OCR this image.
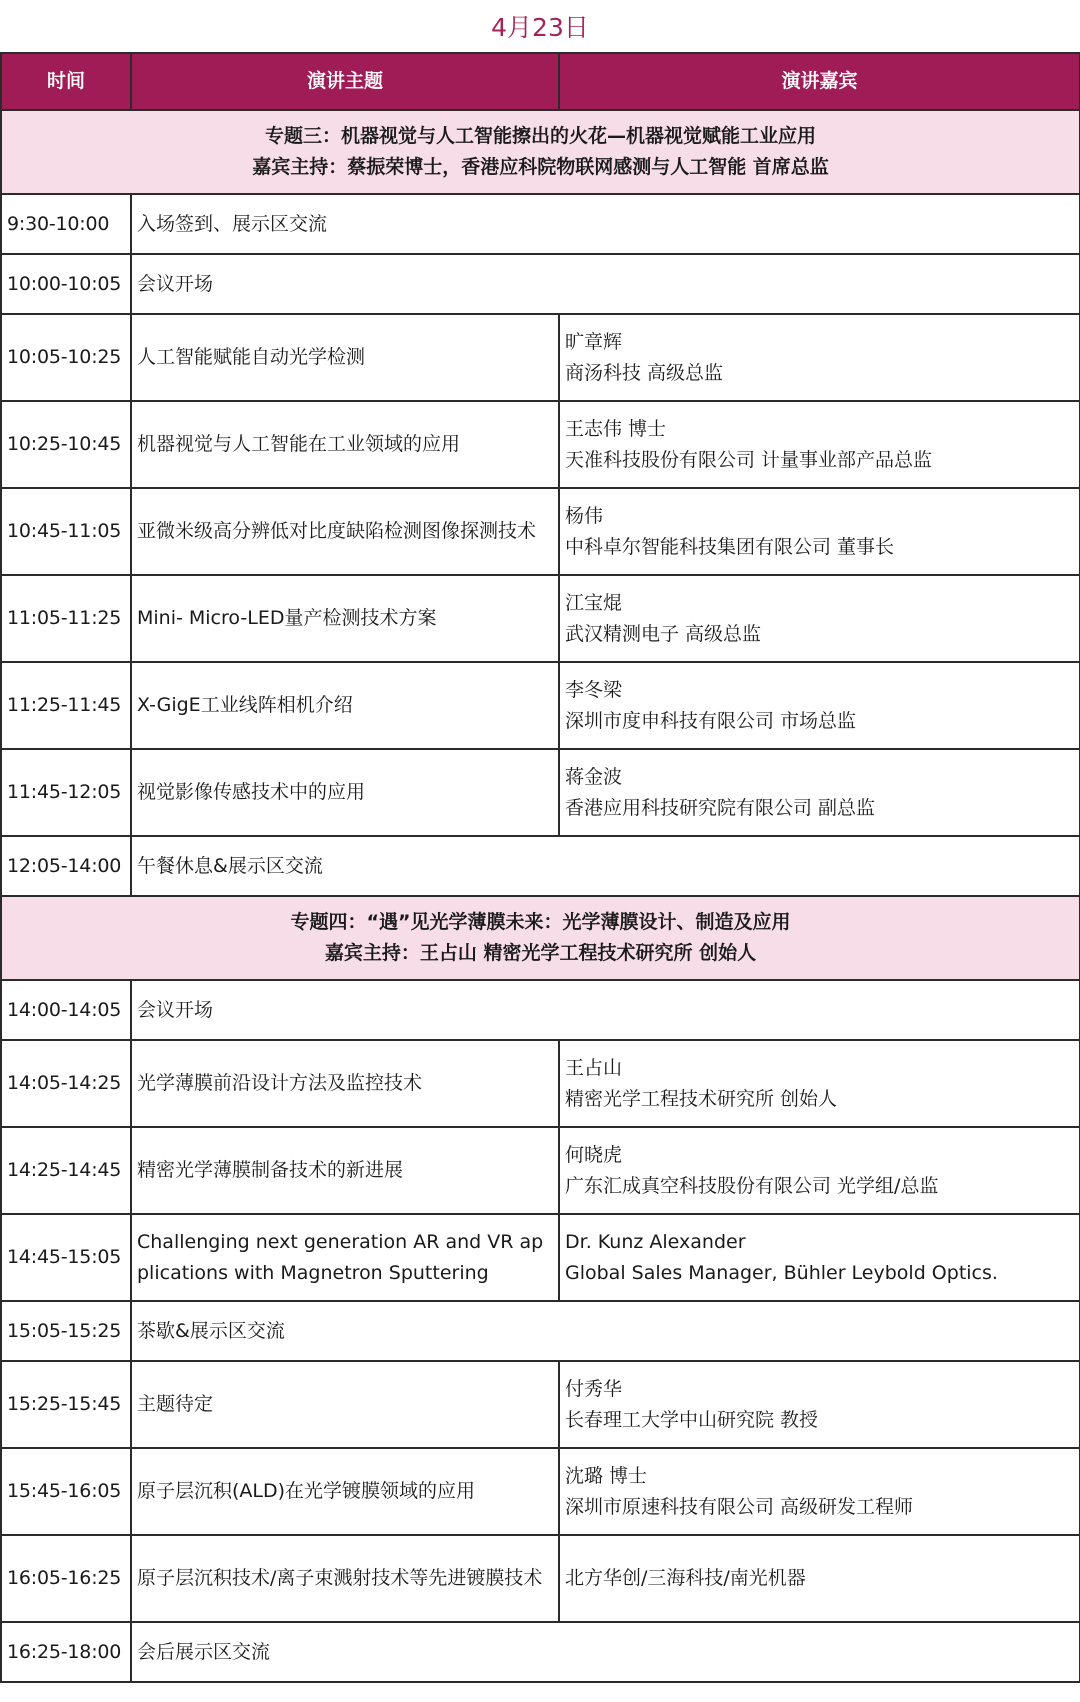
4月23日
时间	演讲主题	演讲嘉宾

专题三：机器视觉与人工智能擦出的火花—机器视觉赋能工业应用
嘉宾主持：蔡振荣博士，香港应科院物联网感测与人工智能 首席总监		

9:30-10:00	入场签到、展示区交流	
10:00-10:05	会议开场	
10:05-10:25	人工智能赋能自动光学检测	旷章辉
商汤科技 高级总监

10:25-10:45	机器视觉与人工智能在工业领域的应用	王志伟 博士
天准科技股份有限公司 计量事业部产品总监

10:45-11:05	亚微米级高分辨低对比度缺陷检测图像探测技术	杨伟
中科卓尔智能科技集团有限公司 董事长

11:05-11:25	Mini- Micro-LED量产检测技术方案	江宝焜
武汉精测电子 高级总监

11:25-11:45	X-GigE工业线阵相机介绍	李冬梁
深圳市度申科技有限公司 市场总监

11:45-12:05	视觉影像传感技术中的应用	蒋金波
香港应用科技研究院有限公司 副总监

12:05-14:00	午餐休息&展示区交流	

专题四：“遇”见光学薄膜未来：光学薄膜设计、制造及应用
嘉宾主持：王占山 精密光学工程技术研究所 创始人		

14:00-14:05	会议开场	
14:05-14:25	光学薄膜前沿设计方法及监控技术	王占山
精密光学工程技术研究所 创始人

14:25-14:45	精密光学薄膜制备技术的新进展	何晓虎
广东汇成真空科技股份有限公司 光学组/总监

14:45-15:05	Challenging next generation AR and VR applications with Magnetron Sputtering	Dr. Kunz Alexander
Global Sales Manager, Bühler Leybold Optics.

15:05-15:25	茶歇&展示区交流	
15:25-15:45	主题待定	付秀华
长春理工大学中山研究院 教授

15:45-16:05	原子层沉积(ALD)在光学镀膜领域的应用	沈璐 博士
深圳市原速科技有限公司 高级研发工程师

16:05-16:25	原子层沉积技术/离子束溅射技术等先进镀膜技术	北方华创/三海科技/南光机器

16:25-18:00	会后展示区交流	
